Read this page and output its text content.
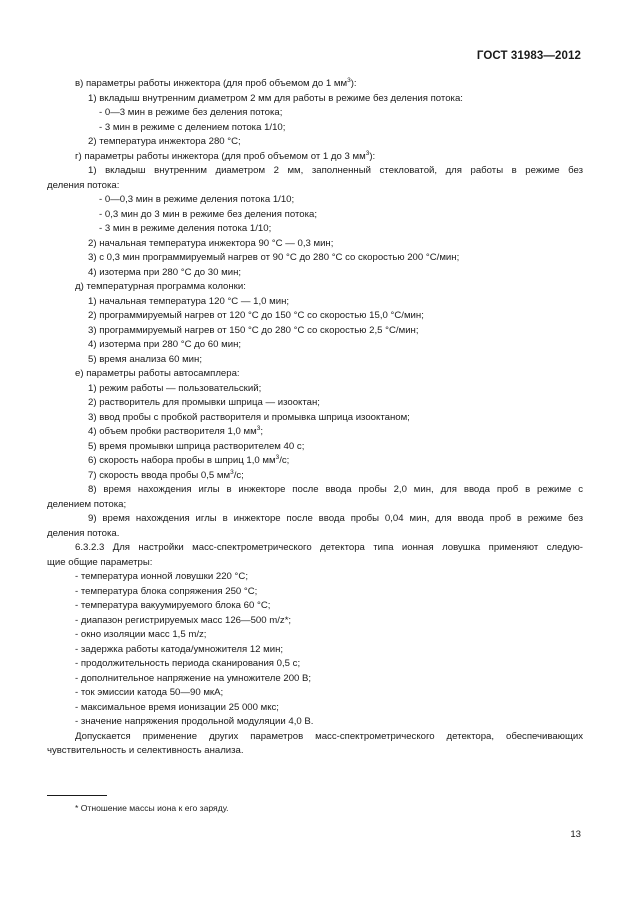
ГОСТ 31983—2012
в) параметры работы инжектора (для проб объемом до 1 $мм^3$):
1) вкладыш внутренним диаметром 2 мм для работы в режиме без деления потока:
- 0—3 мин в режиме без деления потока;
- 3 мин в режиме с делением потока 1/10;
2) температура инжектора 280 °С;
г) параметры работы инжектора (для проб объемом от 1 до 3 $мм^3$):
1) вкладыш внутренним диаметром 2 мм, заполненный стекловатой, для работы в режиме без
деления потока:
- 0—0,3 мин в режиме деления потока 1/10;
- 0,3 мин до 3 мин в режиме без деления потока;
- 3 мин в режиме деления потока 1/10;
2) начальная температура инжектора 90 °С — 0,3 мин;
3) с 0,3 мин программируемый нагрев от 90 °С до 280 °С со скоростью 200 °С/мин;
4) изотерма при 280 °С до 30 мин;
д) температурная программа колонки:
1) начальная температура 120 °С — 1,0 мин;
2) программируемый нагрев от 120 °С до 150 °С со скоростью 15,0 °С/мин;
3) программируемый нагрев от 150 °С до 280 °С со скоростью 2,5 °С/мин;
4) изотерма при 280 °С до 60 мин;
5) время анализа 60 мин;
е) параметры работы автосамплера:
1) режим работы — пользовательский;
2) растворитель для промывки шприца — изооктан;
3) ввод пробы с пробкой растворителя и промывка шприца изооктаном;
4) объем пробки растворителя 1,0 $мм^3$;
5) время промывки шприца растворителем 40 с;
6) скорость набора пробы в шприц 1,0 $мм^3/с$;
7) скорость ввода пробы 0,5 $мм^3/с$;
8) время нахождения иглы в инжекторе после ввода пробы 2,0 мин, для ввода проб в режиме с
делением потока;
9) время нахождения иглы в инжекторе после ввода пробы 0,04 мин, для ввода проб в режиме без
деления потока.
6.3.2.3 Для настройки масс-спектрометрического детектора типа ионная ловушка применяют следую-
щие общие параметры:
- температура ионной ловушки 220 °С;
- температура блока сопряжения 250 °С;
- температура вакуумируемого блока 60 °С;
- диапазон регистрируемых масс 126—500 m/z*;
- окно изоляции масс 1,5 m/z;
- задержка работы катода/умножителя 12 мин;
- продолжительность периода сканирования 0,5 с;
- дополнительное напряжение на умножителе 200 В;
- ток эмиссии катода 50—90 мкА;
- максимальное время ионизации 25 000 мкс;
- значение напряжения продольной модуляции 4,0 В.
Допускается применение других параметров масс-спектрометрического детектора, обеспечивающих
чувствительность и селективность анализа.
* Отношение массы иона к его заряду.
13
